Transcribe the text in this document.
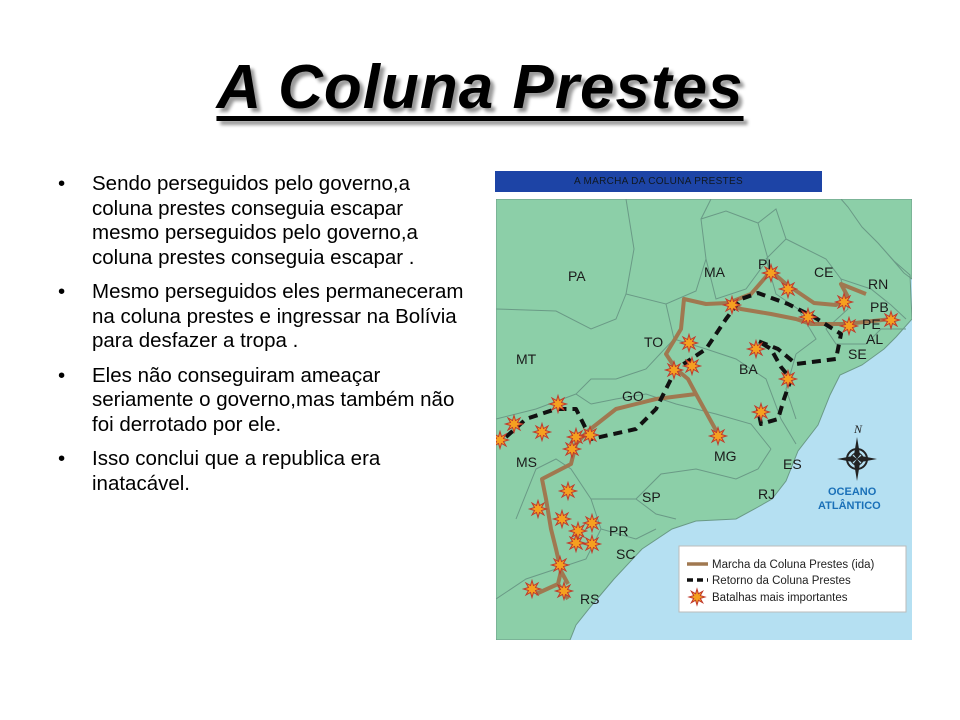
A Coluna Prestes
• Sendo perseguidos pelo governo,a coluna prestes conseguia escapar mesmo perseguidos pelo governo,a coluna prestes conseguia escapar .
• Mesmo perseguidos eles permaneceram na coluna prestes e ingressar na Bolívia para desfazer a tropa .
• Eles não conseguiram ameaçar seriamente o governo,mas também não foi derrotado por ele.
• Isso conclui que a republica era inatacável.
A MARCHA DA COLUNA PRESTES
PA	MA PI	CE
RN
PB
PE
AL
SE
TO
BA
MT
GO
MS	MG	ES
SP	RJ
PR
SC
RS
OCEANO
ATLÂNTICO
N
Marcha da Coluna Prestes (ida)
Retorno da Coluna Prestes
Batalhas mais importantes
